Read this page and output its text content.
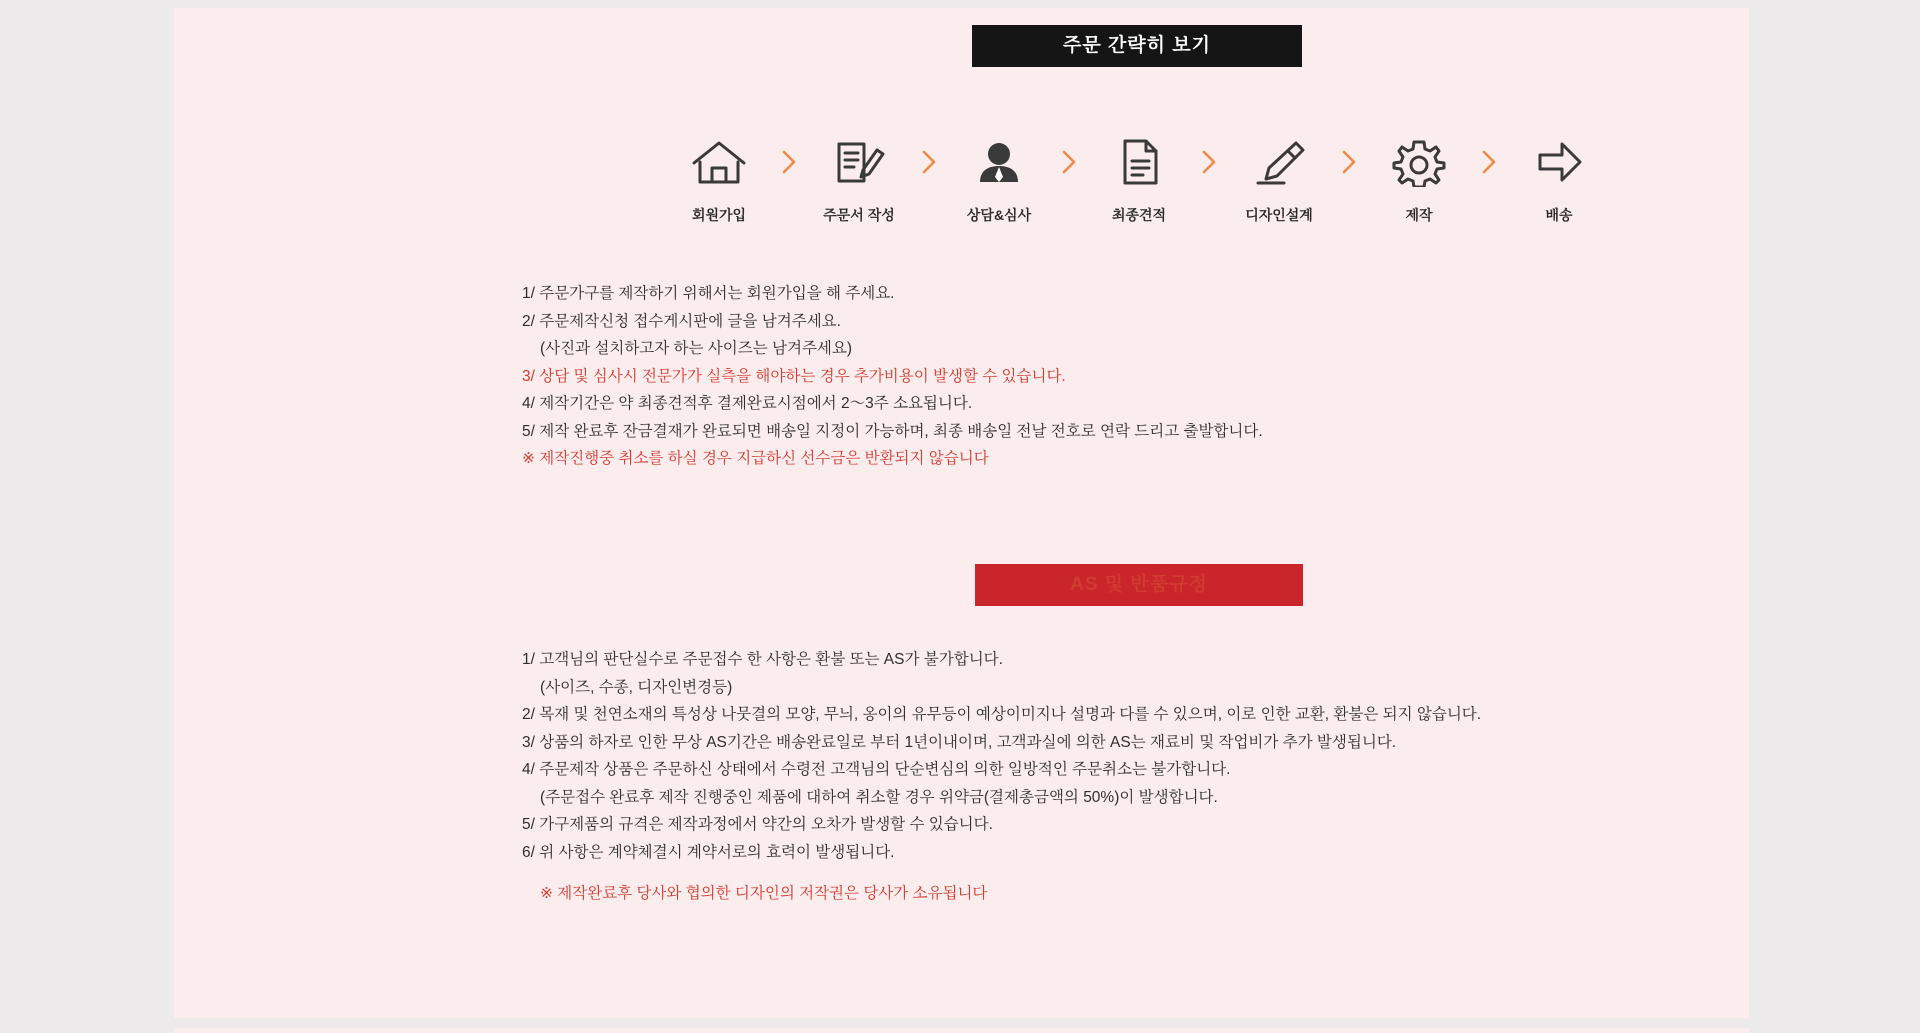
주문 간략히 보기
회원가입	주문서 작성	상담&심사	최종견적	디자인설계	제작	배송
1/ 주문가구를 제작하기 위해서는 회원가입을 해 주세요.
2/ 주문제작신청 접수게시판에 글을 남겨주세요.
(사진과 설치하고자 하는 사이즈는 남겨주세요)
3/ 상담 및 심사시 전문가가 실측을 해야하는 경우 추가비용이 발생할 수 있습니다.
4/ 제작기간은 약 최종견적후 결제완료시점에서 2〜3주 소요됩니다.
5/ 제작 완료후 잔금결재가 완료되면 배송일 지정이 가능하며, 최종 배송일 전날 전호로 연락 드리고 출발합니다.
※ 제작진행중 취소를 하실 경우 지급하신 선수금은 반환되지 않습니다
AS 및 반품규정
1/ 고객님의 판단실수로 주문접수 한 사항은 환불 또는 AS가 불가합니다.
(사이즈, 수종, 디자인변경등)
2/ 목재 및 천연소재의 특성상 나뭇결의 모양, 무늬, 옹이의 유무등이 예상이미지나 설명과 다를 수 있으며, 이로 인한 교환, 환불은 되지 않습니다.
3/ 상품의 하자로 인한 무상 AS기간은 배송완료일로 부터 1년이내이며, 고객과실에 의한 AS는 재료비 및 작업비가 추가 발생됩니다.
4/ 주문제작 상품은 주문하신 상태에서 수령전 고객님의 단순변심의 의한 일방적인 주문취소는 불가합니다.
(주문접수 완료후 제작 진행중인 제품에 대하여 취소할 경우 위약금(결제총금액의 50%)이 발생합니다.
5/ 가구제품의 규격은 제작과정에서 약간의 오차가 발생할 수 있습니다.
6/ 위 사항은 계약체결시 계약서로의 효력이 발생됩니다.
※ 제작완료후 당사와 협의한 디자인의 저작권은 당사가 소유됩니다
